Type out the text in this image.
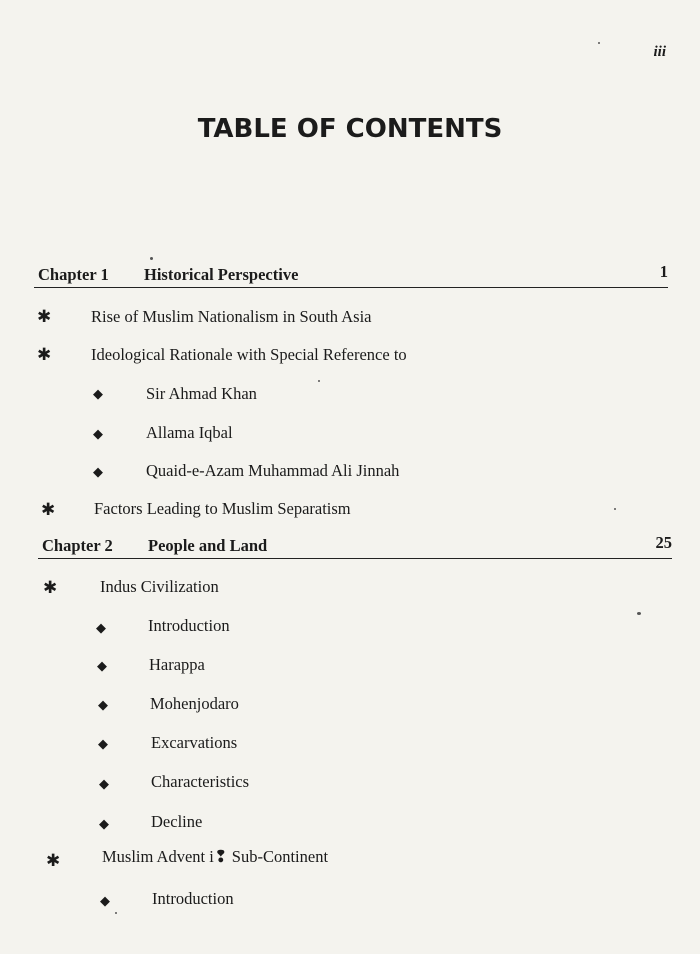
iii
TABLE OF CONTENTS
Chapter 1 Historical Perspective	1
✱ Rise of Muslim Nationalism in South Asia
✱ Ideological Rationale with Special Reference to
◆	Sir Ahmad Khan
◆	Allama Iqbal
◆	Quaid-e-Azam Muhammad Ali Jinnah
✱ Factors Leading to Muslim Separatism
Chapter 2 People and Land	25
✱	Indus Civilization
◆	Introduction
◆	Harappa
◆	Mohenjodaro
◆	Excarvations
◆	Characteristics
◆	Decline
✱	Muslim Advent i❢ Sub-Continent
◆	Introduction
